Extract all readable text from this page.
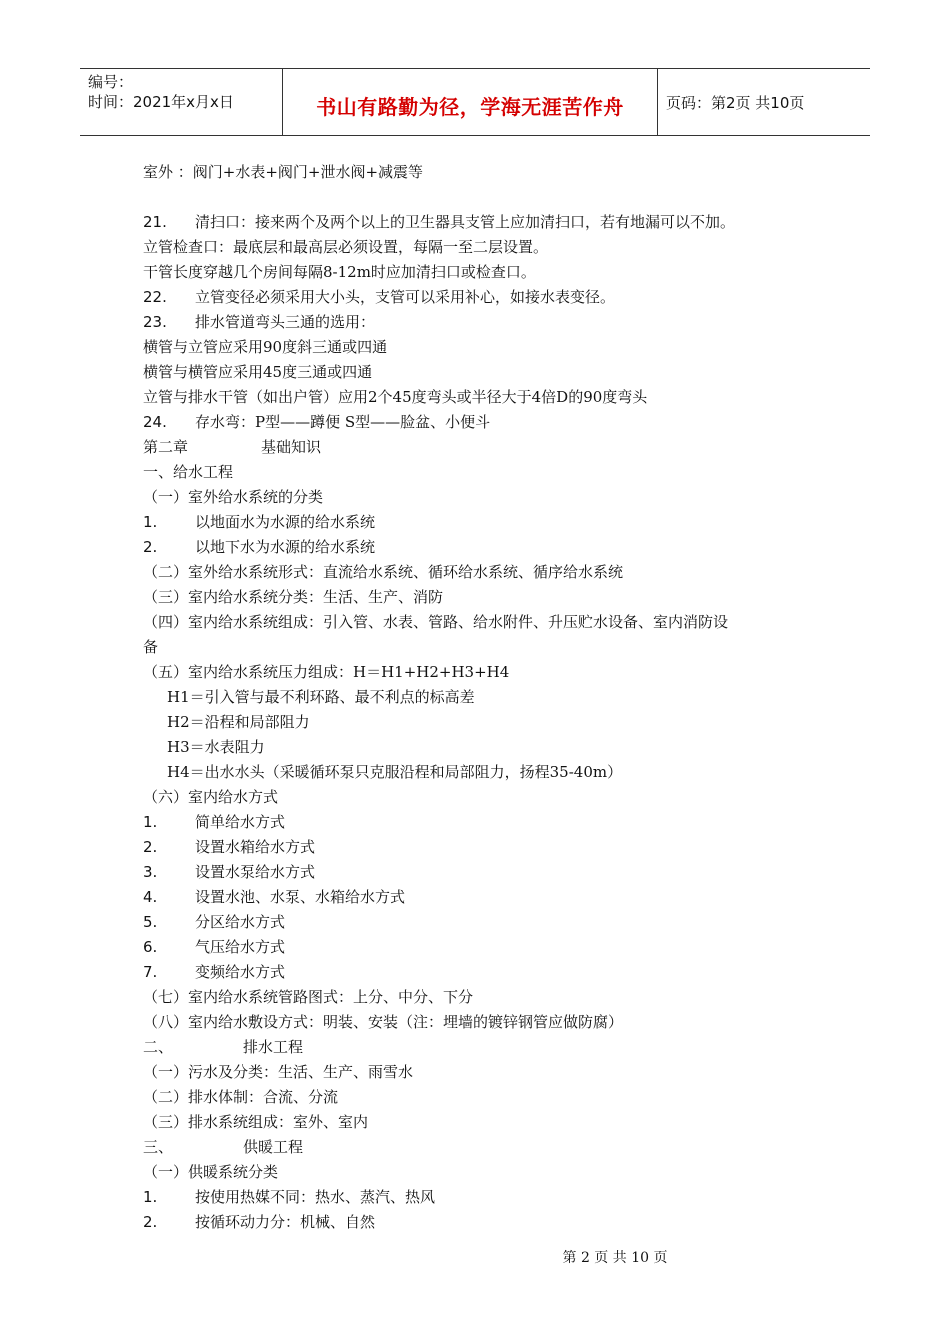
编号：
时间：2021年x月x日	书山有路勤为径，学海无涯苦作舟	页码：第2页 共10页
室外 ：阀门+水表+阀门+泄水阀+减震等
21. 清扫口：接来两个及两个以上的卫生器具支管上应加清扫口，若有地漏可以不加。
立管检查口：最底层和最高层必须设置，每隔一至二层设置。
干管长度穿越几个房间每隔8-12m时应加清扫口或检查口。
22. 立管变径必须采用大小头，支管可以采用补心，如接水表变径。
23. 排水管道弯头三通的选用：
横管与立管应采用90度斜三通或四通
横管与横管应采用45度三通或四通
立管与排水干管（如出户管）应用2个45度弯头或半径大于4倍D的90度弯头
24. 存水弯：P型——蹲便 S型——脸盆、小便斗
第二章	基础知识
一、给水工程
（一）室外给水系统的分类
1.	以地面水为水源的给水系统
2.	以地下水为水源的给水系统
（二）室外给水系统形式：直流给水系统、循环给水系统、循序给水系统
（三）室内给水系统分类：生活、生产、消防
（四）室内给水系统组成：引入管、水表、管路、给水附件、升压贮水设备、室内消防设
备
（五）室内给水系统压力组成：H＝H1+H2+H3+H4
H1＝引入管与最不利环路、最不利点的标高差
H2＝沿程和局部阻力
H3＝水表阻力
H4＝出水水头（采暖循环泵只克服沿程和局部阻力，扬程35-40m）
（六）室内给水方式
1.	简单给水方式
2.	设置水箱给水方式
3.	设置水泵给水方式
4.	设置水池、水泵、水箱给水方式
5.	分区给水方式
6.	气压给水方式
7.	变频给水方式
（七）室内给水系统管路图式：上分、中分、下分
（八）室内给水敷设方式：明装、安装（注：埋墙的镀锌钢管应做防腐）
二、	排水工程
（一）污水及分类：生活、生产、雨雪水
（二）排水体制：合流、分流
（三）排水系统组成：室外、室内
三、	供暖工程
（一）供暖系统分类
1.	按使用热媒不同：热水、蒸汽、热风
2.	按循环动力分：机械、自然
第 2 页 共 10 页
